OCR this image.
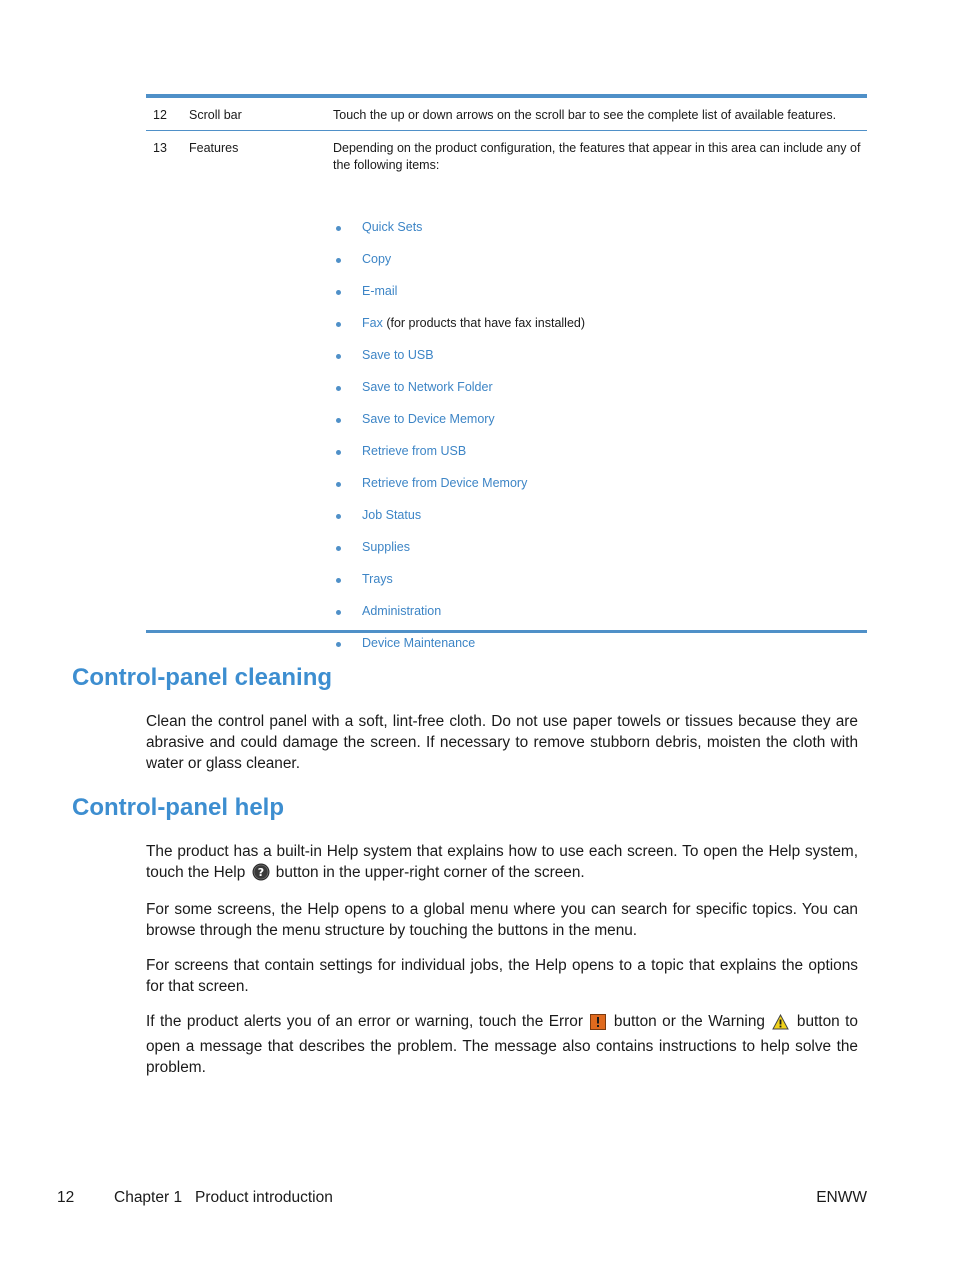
12 Scroll bar	Touch the up or down arrows on the scroll bar to see the complete list of available features.
13 Features	Depending on the product configuration, the features that appear in this area can include any of the following items:
Quick Sets
Copy
E-mail
Fax (for products that have fax installed)
Save to USB
Save to Network Folder
Save to Device Memory
Retrieve from USB
Retrieve from Device Memory
Job Status
Supplies
Trays
Administration
Device Maintenance
Control-panel cleaning

Clean the control panel with a soft, lint-free cloth. Do not use paper towels or tissues because they are abrasive and could damage the screen. If necessary to remove stubborn debris, moisten the cloth with water or glass cleaner.

Control-panel help

The product has a built-in Help system that explains how to use each screen. To open the Help system, touch the Help ? button in the upper-right corner of the screen.

For some screens, the Help opens to a global menu where you can search for specific topics. You can browse through the menu structure by touching the buttons in the menu.

For screens that contain settings for individual jobs, the Help opens to a topic that explains the options for that screen.

If the product alerts you of an error or warning, touch the Error  button or the Warning  button to open a message that describes the problem. The message also contains instructions to help solve the problem.

12	Chapter 1   Product introduction	ENWW
